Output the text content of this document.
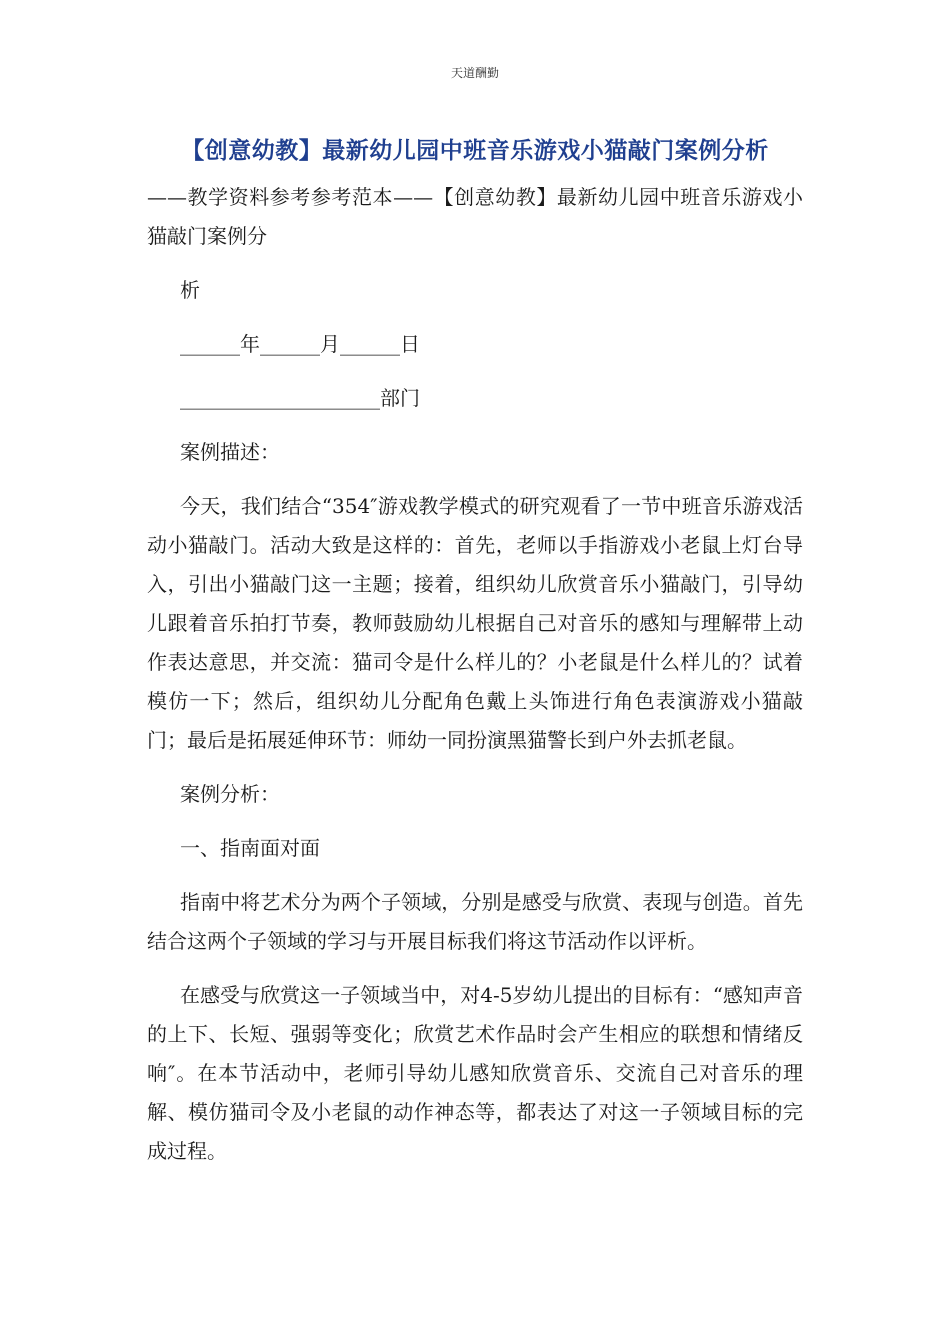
天道酬勤
【创意幼教】最新幼儿园中班音乐游戏小猫敲门案例分析

——教学资料参考参考范本——【创意幼教】最新幼儿园中班音乐游戏小猫敲门案例分

析

______年______月______日

____________________部门

案例描述：

今天，我们结合“354″游戏教学模式的研究观看了一节中班音乐游戏活动小猫敲门。活动大致是这样的：首先，老师以手指游戏小老鼠上灯台导入，引出小猫敲门这一主题；接着，组织幼儿欣赏音乐小猫敲门，引导幼儿跟着音乐拍打节奏，教师鼓励幼儿根据自己对音乐的感知与理解带上动作表达意思，并交流：猫司令是什么样儿的？小老鼠是什么样儿的？试着模仿一下；然后，组织幼儿分配角色戴上头饰进行角色表演游戏小猫敲门；最后是拓展延伸环节：师幼一同扮演黑猫警长到户外去抓老鼠。

案例分析：

一、指南面对面

指南中将艺术分为两个子领域，分别是感受与欣赏、表现与创造。首先结合这两个子领域的学习与开展目标我们将这节活动作以评析。

在感受与欣赏这一子领域当中，对4-5岁幼儿提出的目标有：“感知声音的上下、长短、强弱等变化；欣赏艺术作品时会产生相应的联想和情绪反响″。在本节活动中，老师引导幼儿感知欣赏音乐、交流自己对音乐的理解、模仿猫司令及小老鼠的动作神态等，都表达了对这一子领域目标的完成过程。
